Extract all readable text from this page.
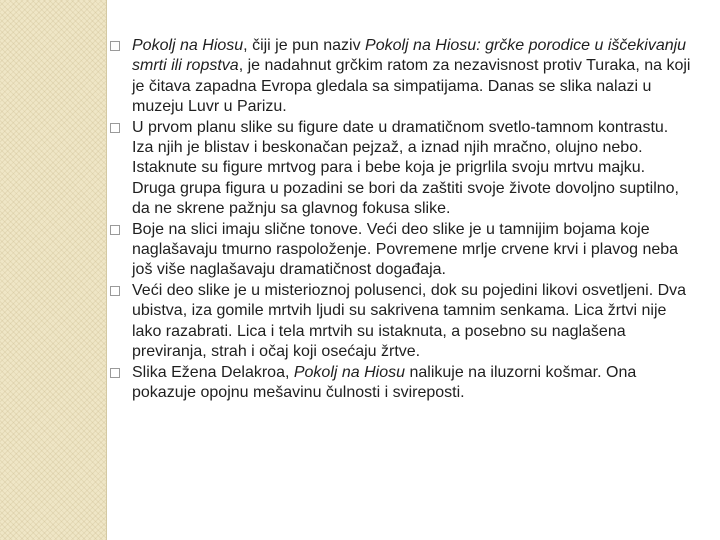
Pokolj na Hiosu, čiji je pun naziv Pokolj na Hiosu: grčke porodice u iščekivanju smrti ili ropstva, je nadahnut grčkim ratom za nezavisnost protiv Turaka, na koji je čitava zapadna Evropa gledala sa simpatijama. Danas se slika nalazi u muzeju Luvr u Parizu.
U prvom planu slike su figure date u dramatičnom svetlo-tamnom kontrastu. Iza njih je blistav i beskonačan pejzaž, a iznad njih mračno, olujno nebo. Istaknute su figure mrtvog para i bebe koja je prigrlila svoju mrtvu majku. Druga grupa figura u pozadini se bori da zaštiti svoje živote dovoljno suptilno, da ne skrene pažnju sa glavnog fokusa slike.
Boje na slici imaju slične tonove. Veći deo slike je u tamnijim bojama koje naglašavaju tmurno raspoloženje. Povremene mrlje crvene krvi i plavog neba još više naglašavaju dramatičnost događaja.
Veći deo slike je u misterioznoj polusenci, dok su pojedini likovi osvetljeni. Dva ubistva, iza gomile mrtvih ljudi su sakrivena tamnim senkama. Lica žrtvi nije lako razabrati. Lica i tela mrtvih su istaknuta, a posebno su naglašena previranja, strah i očaj koji osećaju žrtve.
Slika Ežena Delakroa, Pokolj na Hiosu nalikuje na iluzorni košmar. Ona pokazuje opojnu mešavinu čulnosti i svireposti.
